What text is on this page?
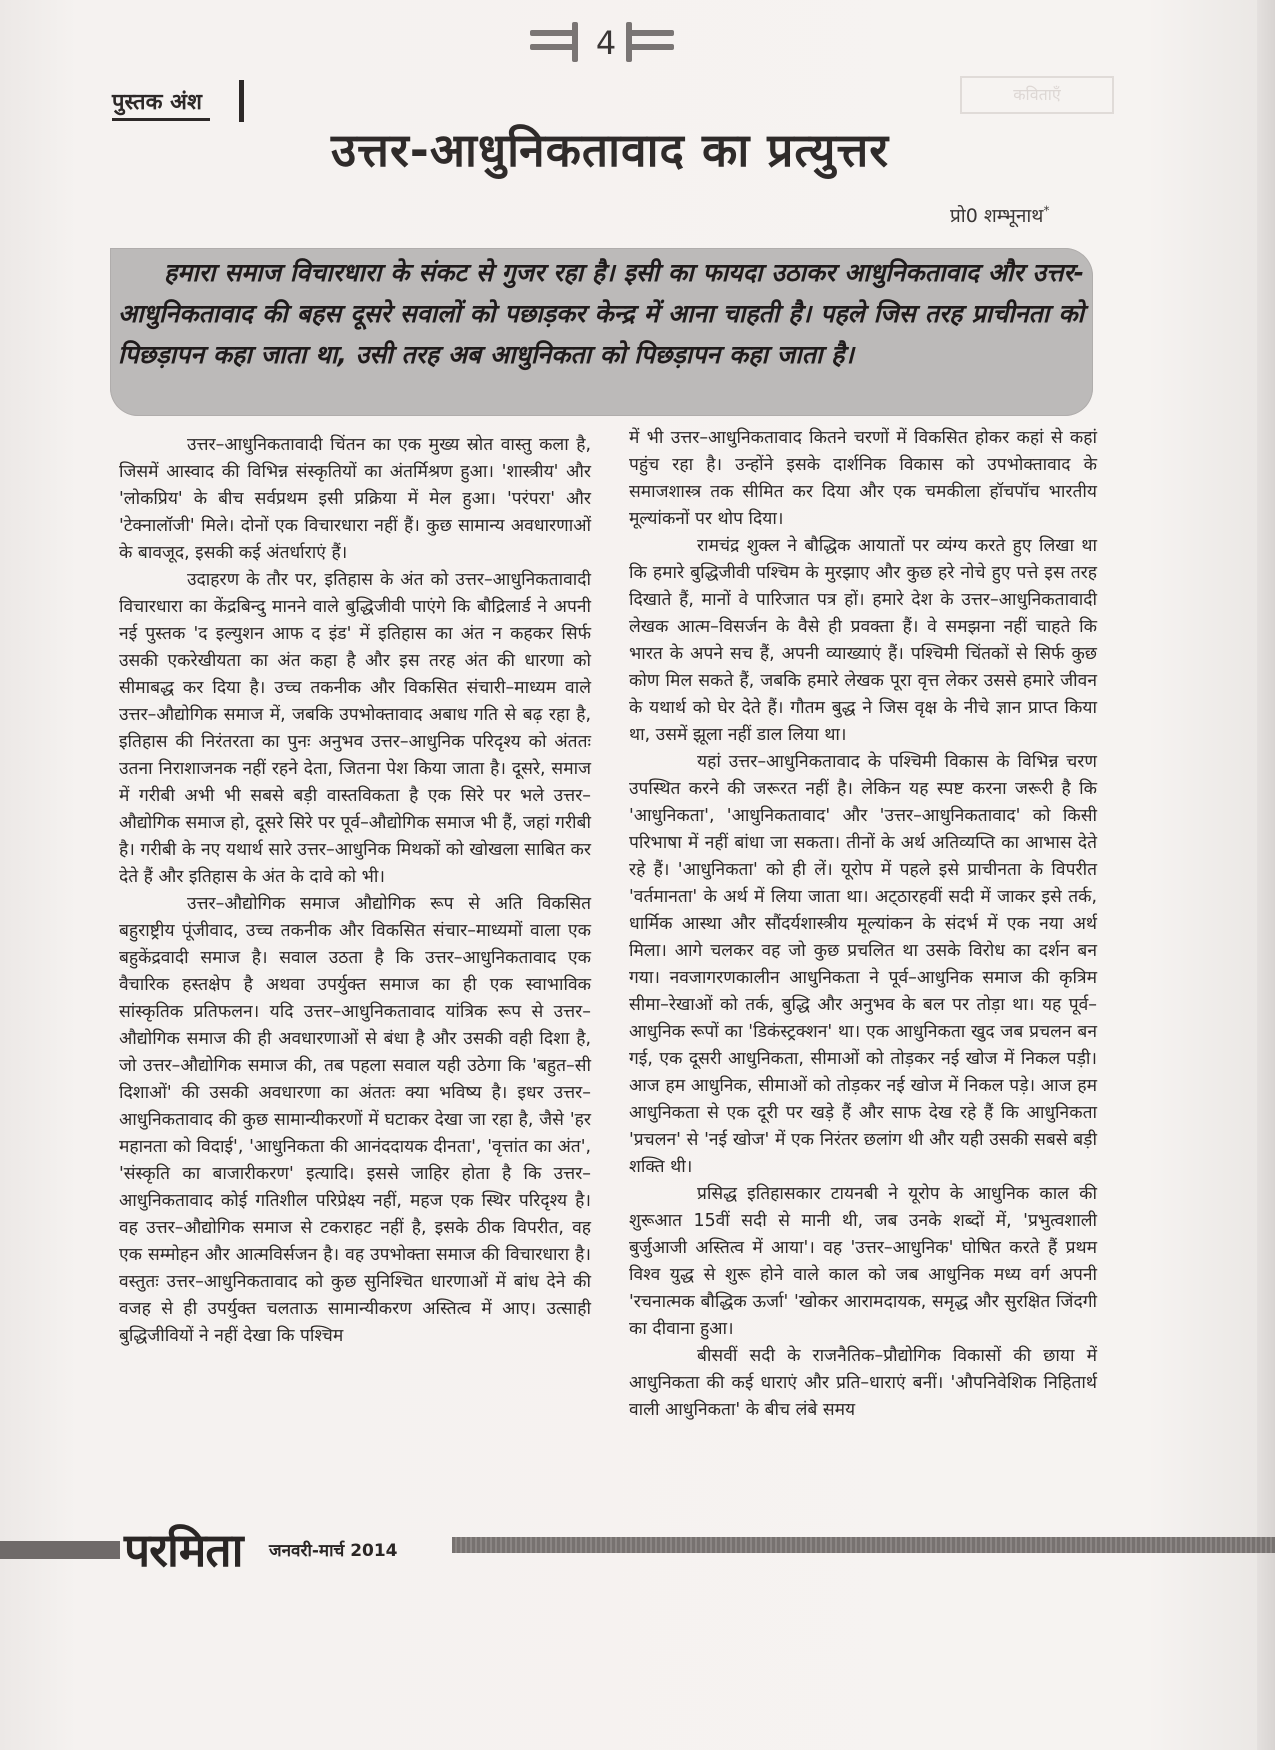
4
पुस्तक अंश	कविताएँ
उत्तर-आधुनिकतावाद का प्रत्युत्तर
प्रो0 शम्भूनाथ*
हमारा समाज विचारधारा के संकट से गुजर रहा है। इसी का फायदा उठाकर आधुनिकतावाद और उत्तर-आधुनिकतावाद की बहस दूसरे सवालों को पछाड़कर केन्द्र में आना चाहती है। पहले जिस तरह प्राचीनता को पिछड़ापन कहा जाता था, उसी तरह अब आधुनिकता को पिछड़ापन कहा जाता है।

उत्तर–आधुनिकतावादी चिंतन का एक मुख्य स्रोत वास्तु कला है, जिसमें आस्वाद की विभिन्न संस्कृतियों का अंतर्मिश्रण हुआ। 'शास्त्रीय' और 'लोकप्रिय' के बीच सर्वप्रथम इसी प्रक्रिया में मेल हुआ। 'परंपरा' और 'टेक्नालॉजी' मिले। दोनों एक विचारधारा नहीं हैं। कुछ सामान्य अवधारणाओं के बावजूद, इसकी कई अंतर्धाराएं हैं।

उदाहरण के तौर पर, इतिहास के अंत को उत्तर–आधुनिकतावादी विचारधारा का केंद्रबिन्दु मानने वाले बुद्धिजीवी पाएंगे कि बौद्रिलार्ड ने अपनी नई पुस्तक 'द इल्युशन आफ द इंड' में इतिहास का अंत न कहकर सिर्फ उसकी एकरेखीयता का अंत कहा है और इस तरह अंत की धारणा को सीमाबद्ध कर दिया है। उच्च तकनीक और विकसित संचारी–माध्यम वाले उत्तर–औद्योगिक समाज में, जबकि उपभोक्तावाद अबाध गति से बढ़ रहा है, इतिहास की निरंतरता का पुनः अनुभव उत्तर–आधुनिक परिदृश्य को अंततः उतना निराशाजनक नहीं रहने देता, जितना पेश किया जाता है। दूसरे, समाज में गरीबी अभी भी सबसे बड़ी वास्तविकता है एक सिरे पर भले उत्तर–औद्योगिक समाज हो, दूसरे सिरे पर पूर्व–औद्योगिक समाज भी हैं, जहां गरीबी है। गरीबी के नए यथार्थ सारे उत्तर–आधुनिक मिथकों को खोखला साबित कर देते हैं और इतिहास के अंत के दावे को भी।

उत्तर–औद्योगिक समाज औद्योगिक रूप से अति विकसित बहुराष्ट्रीय पूंजीवाद, उच्च तकनीक और विकसित संचार–माध्यमों वाला एक बहुकेंद्रवादी समाज है। सवाल उठता है कि उत्तर–आधुनिकतावाद एक वैचारिक हस्तक्षेप है अथवा उपर्युक्त समाज का ही एक स्वाभाविक सांस्कृतिक प्रतिफलन। यदि उत्तर–आधुनिकतावाद यांत्रिक रूप से उत्तर–औद्योगिक समाज की ही अवधारणाओं से बंधा है और उसकी वही दिशा है, जो उत्तर–औद्योगिक समाज की, तब पहला सवाल यही उठेगा कि 'बहुत–सी दिशाओं' की उसकी अवधारणा का अंततः क्या भविष्य है। इधर उत्तर–आधुनिकतावाद की कुछ सामान्यीकरणों में घटाकर देखा जा रहा है, जैसे 'हर महानता को विदाई', 'आधुनिकता की आनंददायक दीनता', 'वृत्तांत का अंत', 'संस्कृति का बाजारीकरण' इत्यादि। इससे जाहिर होता है कि उत्तर–आधुनिकतावाद कोई गतिशील परिप्रेक्ष्य नहीं, महज एक स्थिर परिदृश्य है। वह उत्तर–औद्योगिक समाज से टकराहट नहीं है, इसके ठीक विपरीत, वह एक सम्मोहन और आत्मविर्सजन है। वह उपभोक्ता समाज की विचारधारा है। वस्तुतः उत्तर–आधुनिकतावाद को कुछ सुनिश्चित धारणाओं में बांध देने की वजह से ही उपर्युक्त चलताऊ सामान्यीकरण अस्तित्व में आए। उत्साही बुद्धिजीवियों ने नहीं देखा कि पश्चिम

में भी उत्तर–आधुनिकतावाद कितने चरणों में विकसित होकर कहां से कहां पहुंच रहा है। उन्होंने इसके दार्शनिक विकास को उपभोक्तावाद के समाजशास्त्र तक सीमित कर दिया और एक चमकीला हॉचपॉच भारतीय मूल्यांकनों पर थोप दिया।

रामचंद्र शुक्ल ने बौद्धिक आयातों पर व्यंग्य करते हुए लिखा था कि हमारे बुद्धिजीवी पश्चिम के मुरझाए और कुछ हरे नोचे हुए पत्ते इस तरह दिखाते हैं, मानों वे पारिजात पत्र हों। हमारे देश के उत्तर–आधुनिकतावादी लेखक आत्म–विसर्जन के वैसे ही प्रवक्ता हैं। वे समझना नहीं चाहते कि भारत के अपने सच हैं, अपनी व्याख्याएं हैं। पश्चिमी चिंतकों से सिर्फ कुछ कोण मिल सकते हैं, जबकि हमारे लेखक पूरा वृत्त लेकर उससे हमारे जीवन के यथार्थ को घेर देते हैं। गौतम बुद्ध ने जिस वृक्ष के नीचे ज्ञान प्राप्त किया था, उसमें झूला नहीं डाल लिया था।

यहां उत्तर–आधुनिकतावाद के पश्चिमी विकास के विभिन्न चरण उपस्थित करने की जरूरत नहीं है। लेकिन यह स्पष्ट करना जरूरी है कि 'आधुनिकता', 'आधुनिकतावाद' और 'उत्तर–आधुनिकतावाद' को किसी परिभाषा में नहीं बांधा जा सकता। तीनों के अर्थ अतिव्यप्ति का आभास देते रहे हैं। 'आधुनिकता' को ही लें। यूरोप में पहले इसे प्राचीनता के विपरीत 'वर्तमानता' के अर्थ में लिया जाता था। अट्‌ठारहवीं सदी में जाकर इसे तर्क, धार्मिक आस्था और सौंदर्यशास्त्रीय मूल्यांकन के संदर्भ में एक नया अर्थ मिला। आगे चलकर वह जो कुछ प्रचलित था उसके विरोध का दर्शन बन गया। नवजागरणकालीन आधुनिकता ने पूर्व–आधुनिक समाज की कृत्रिम सीमा–रेखाओं को तर्क, बुद्धि और अनुभव के बल पर तोड़ा था। यह पूर्व–आधुनिक रूपों का 'डिकंस्ट्रक्शन' था। एक आधुनिकता खुद जब प्रचलन बन गई, एक दूसरी आधुनिकता, सीमाओं को तोड़कर नई खोज में निकल पड़ी। आज हम आधुनिक, सीमाओं को तोड़कर नई खोज में निकल पड़े। आज हम आधुनिकता से एक दूरी पर खड़े हैं और साफ देख रहे हैं कि आधुनिकता 'प्रचलन' से 'नई खोज' में एक निरंतर छलांग थी और यही उसकी सबसे बड़ी शक्ति थी।

प्रसिद्ध इतिहासकार टायनबी ने यूरोप के आधुनिक काल की शुरूआत 15वीं सदी से मानी थी, जब उनके शब्दों में, 'प्रभुत्वशाली बुर्जुआजी अस्तित्व में आया'। वह 'उत्तर–आधुनिक' घोषित करते हैं प्रथम विश्व युद्ध से शुरू होने वाले काल को जब आधुनिक मध्य वर्ग अपनी 'रचनात्मक बौद्धिक ऊर्जा' 'खोकर आरामदायक, समृद्ध और सुरक्षित जिंदगी का दीवाना हुआ।

बीसवीं सदी के राजनैतिक–प्रौद्योगिक विकासों की छाया में आधुनिकता की कई धाराएं और प्रति–धाराएं बनीं। 'औपनिवेशिक निहितार्थ वाली आधुनिकता' के बीच लंबे समय

परमिता जनवरी-मार्च 2014
